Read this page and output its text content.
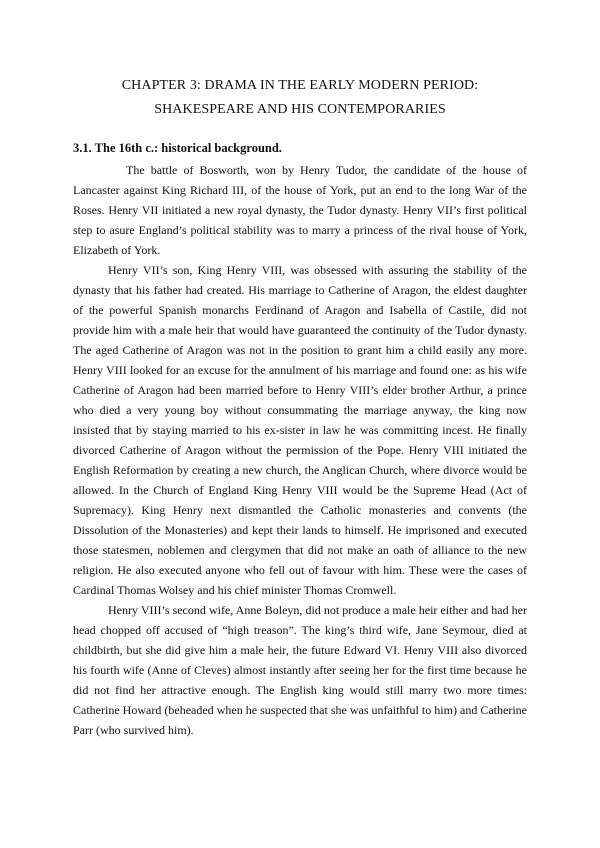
CHAPTER 3: DRAMA IN THE EARLY MODERN PERIOD:
SHAKESPEARE AND HIS CONTEMPORARIES
3.1. The 16th c.: historical background.

The battle of Bosworth, won by Henry Tudor, the candidate of the house of Lancaster against King Richard III, of the house of York, put an end to the long War of the Roses. Henry VII initiated a new royal dynasty, the Tudor dynasty. Henry VII’s first political step to asure England’s political stability was to marry a princess of the rival house of York, Elizabeth of York.

Henry VII’s son, King Henry VIII, was obsessed with assuring the stability of the dynasty that his father had created. His marriage to Catherine of Aragon, the eldest daughter of the powerful Spanish monarchs Ferdinand of Aragon and Isabella of Castile, did not provide him with a male heir that would have guaranteed the continuity of the Tudor dynasty. The aged Catherine of Aragon was not in the position to grant him a child easily any more. Henry VIII looked for an excuse for the annulment of his marriage and found one: as his wife Catherine of Aragon had been married before to Henry VIII’s elder brother Arthur, a prince who died a very young boy without consummating the marriage anyway, the king now insisted that by staying married to his ex-sister in law he was committing incest. He finally divorced Catherine of Aragon without the permission of the Pope. Henry VIII initiated the English Reformation by creating a new church, the Anglican Church, where divorce would be allowed. In the Church of England King Henry VIII would be the Supreme Head (Act of Supremacy). King Henry next dismantled the Catholic monasteries and convents (the Dissolution of the Monasteries) and kept their lands to himself. He imprisoned and executed those statesmen, noblemen and clergymen that did not make an oath of alliance to the new religion. He also executed anyone who fell out of favour with him. These were the cases of Cardinal Thomas Wolsey and his chief minister Thomas Cromwell.

Henry VIII’s second wife, Anne Boleyn, did not produce a male heir either and had her head chopped off accused of “high treason”. The king’s third wife, Jane Seymour, died at childbirth, but she did give him a male heir, the future Edward VI. Henry VIII also divorced his fourth wife (Anne of Cleves) almost instantly after seeing her for the first time because he did not find her attractive enough. The English king would still marry two more times: Catherine Howard (beheaded when he suspected that she was unfaithful to him) and Catherine Parr (who survived him).
